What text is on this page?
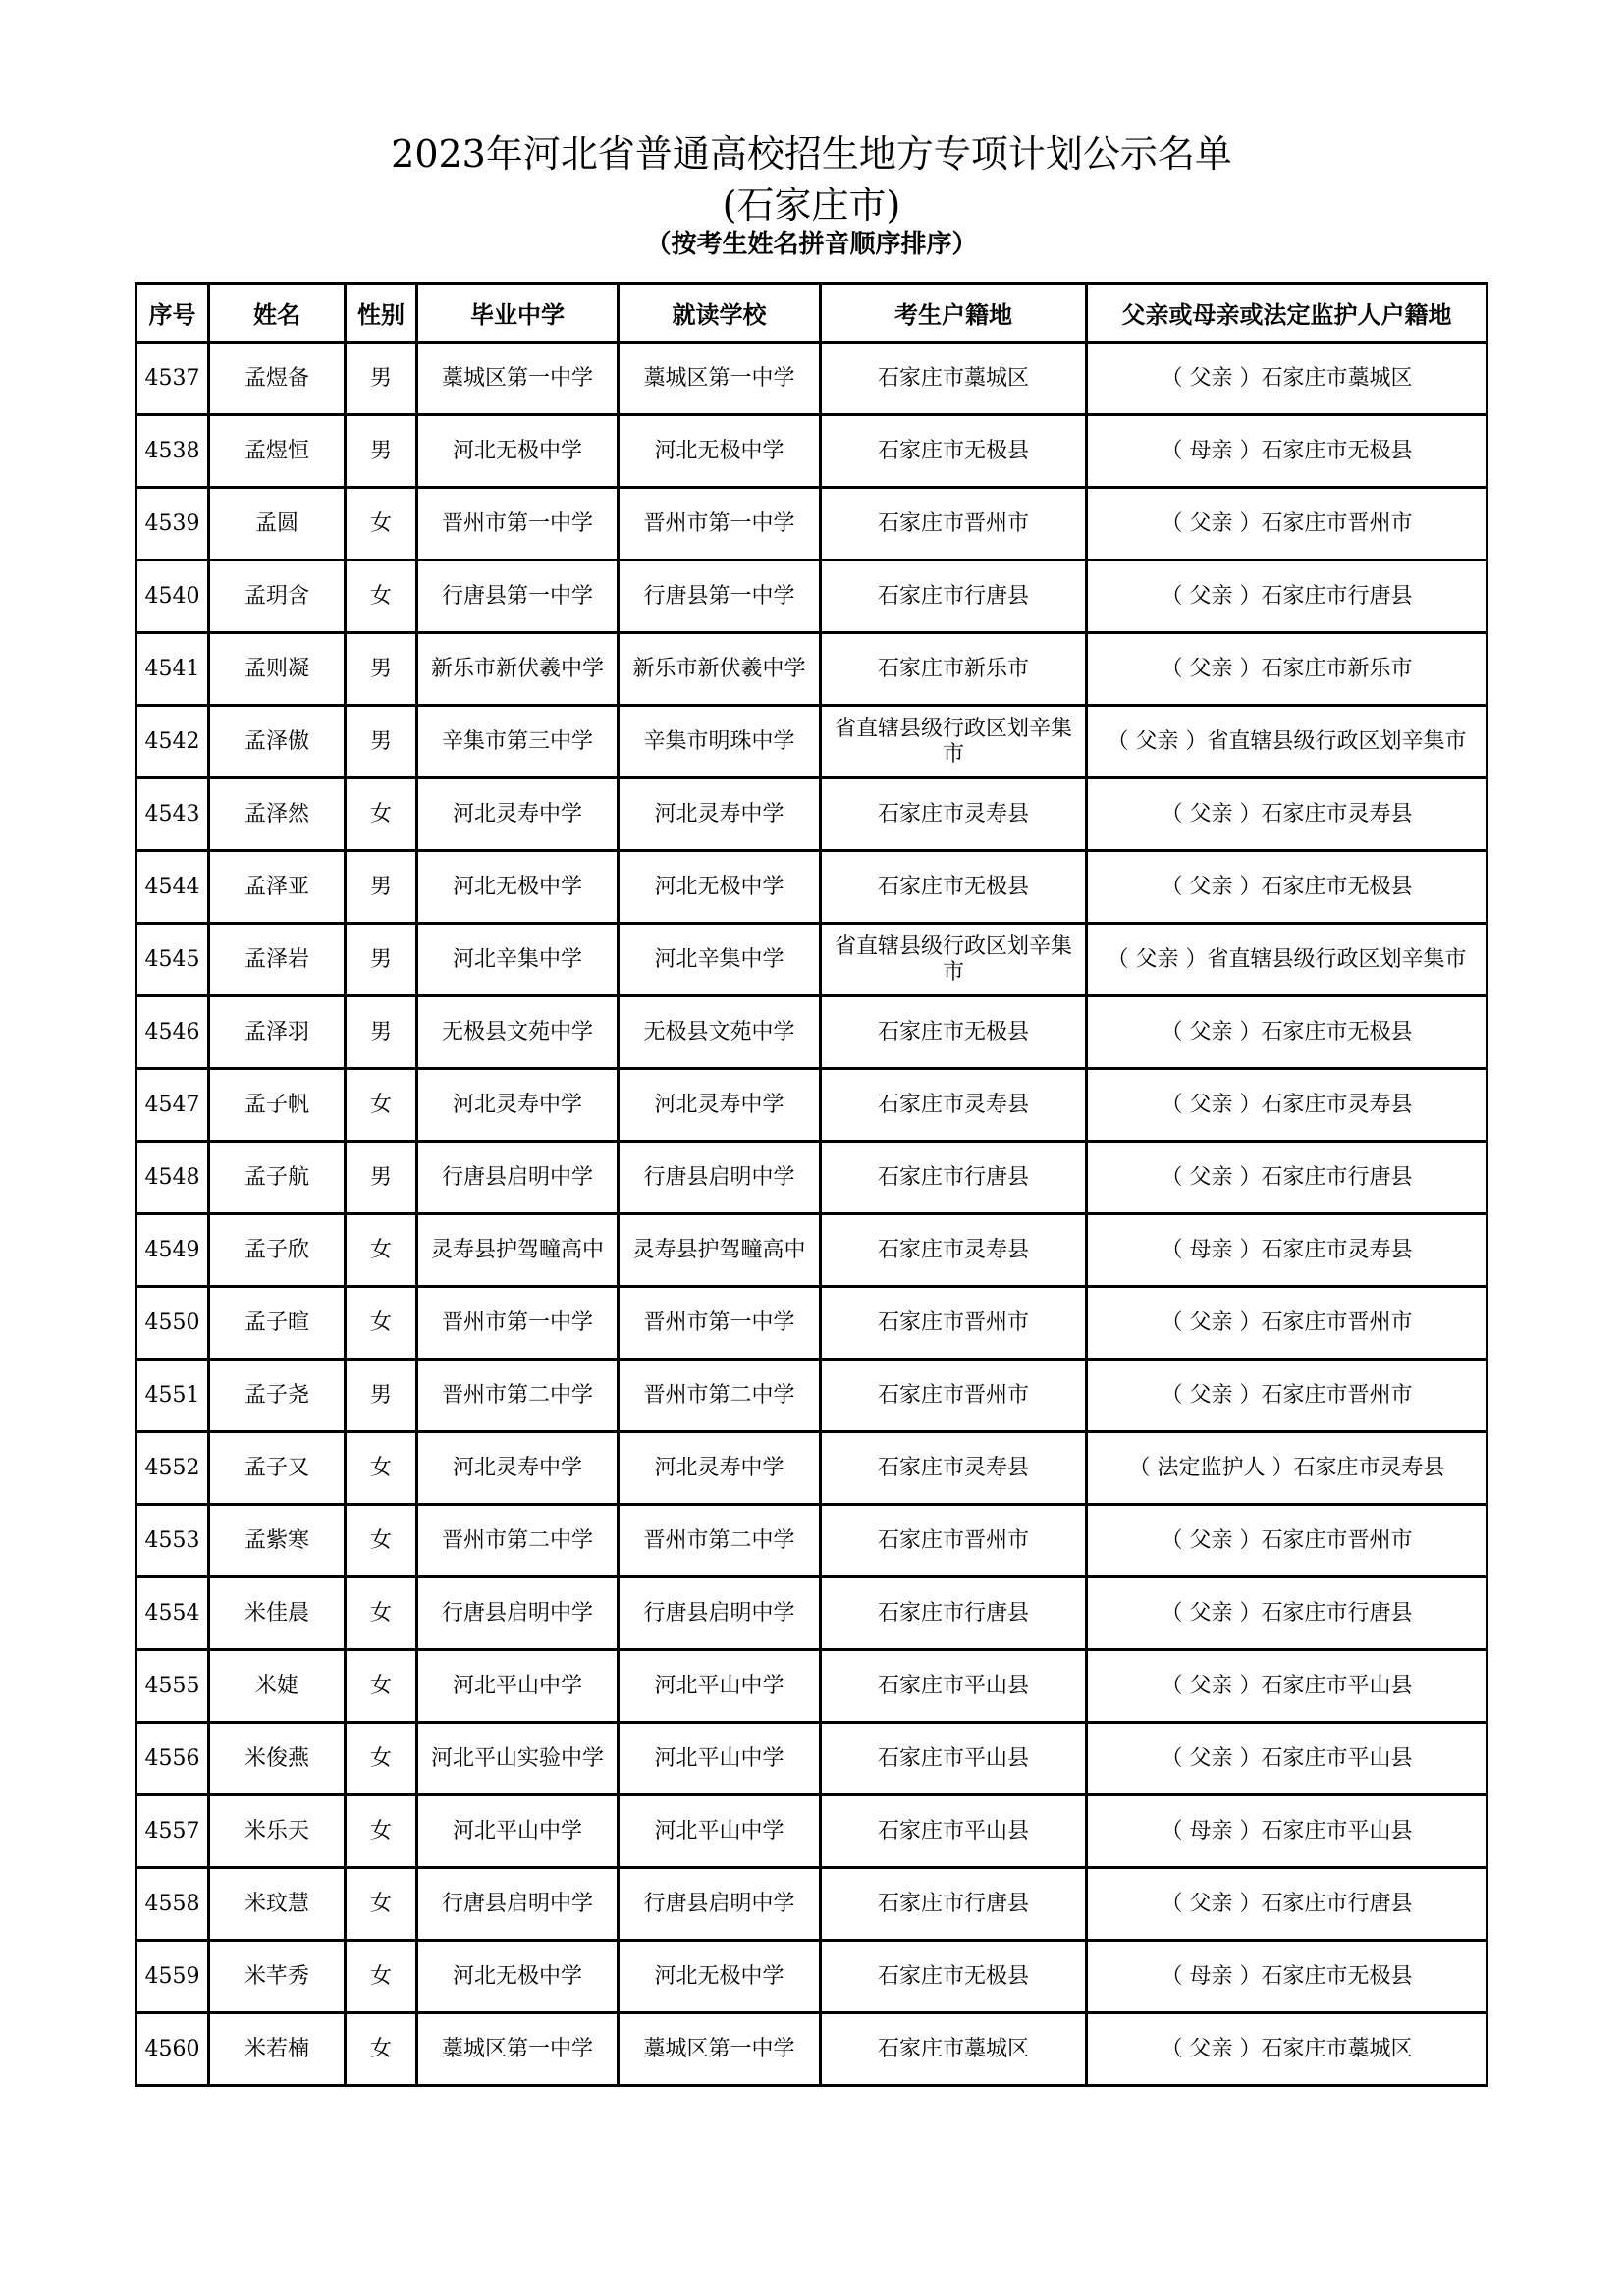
2023年河北省普通高校招生地方专项计划公示名单
(石家庄市)
（按考生姓名拼音顺序排序）
序号	姓名	性别	毕业中学	就读学校	考生户籍地	父亲或母亲或法定监护人户籍地
4537	孟煜备	男	藁城区第一中学	藁城区第一中学	石家庄市藁城区	（ 父亲 ）石家庄市藁城区
4538	孟煜恒	男	河北无极中学	河北无极中学	石家庄市无极县	（ 母亲 ）石家庄市无极县
4539	孟圆	女	晋州市第一中学	晋州市第一中学	石家庄市晋州市	（ 父亲 ）石家庄市晋州市
4540	孟玥含	女	行唐县第一中学	行唐县第一中学	石家庄市行唐县	（ 父亲 ）石家庄市行唐县
4541	孟则凝	男	新乐市新伏羲中学	新乐市新伏羲中学	石家庄市新乐市	（ 父亲 ）石家庄市新乐市
4542	孟泽傲	男	辛集市第三中学	辛集市明珠中学	省直辖县级行政区划辛集市	（ 父亲 ）省直辖县级行政区划辛集市
4543	孟泽然	女	河北灵寿中学	河北灵寿中学	石家庄市灵寿县	（ 父亲 ）石家庄市灵寿县
4544	孟泽亚	男	河北无极中学	河北无极中学	石家庄市无极县	（ 父亲 ）石家庄市无极县
4545	孟泽岩	男	河北辛集中学	河北辛集中学	省直辖县级行政区划辛集市	（ 父亲 ）省直辖县级行政区划辛集市
4546	孟泽羽	男	无极县文苑中学	无极县文苑中学	石家庄市无极县	（ 父亲 ）石家庄市无极县
4547	孟子帆	女	河北灵寿中学	河北灵寿中学	石家庄市灵寿县	（ 父亲 ）石家庄市灵寿县
4548	孟子航	男	行唐县启明中学	行唐县启明中学	石家庄市行唐县	（ 父亲 ）石家庄市行唐县
4549	孟子欣	女	灵寿县护驾疃高中	灵寿县护驾疃高中	石家庄市灵寿县	（ 母亲 ）石家庄市灵寿县
4550	孟子暄	女	晋州市第一中学	晋州市第一中学	石家庄市晋州市	（ 父亲 ）石家庄市晋州市
4551	孟子尧	男	晋州市第二中学	晋州市第二中学	石家庄市晋州市	（ 父亲 ）石家庄市晋州市
4552	孟子又	女	河北灵寿中学	河北灵寿中学	石家庄市灵寿县	（ 法定监护人 ）石家庄市灵寿县
4553	孟紫寒	女	晋州市第二中学	晋州市第二中学	石家庄市晋州市	（ 父亲 ）石家庄市晋州市
4554	米佳晨	女	行唐县启明中学	行唐县启明中学	石家庄市行唐县	（ 父亲 ）石家庄市行唐县
4555	米婕	女	河北平山中学	河北平山中学	石家庄市平山县	（ 父亲 ）石家庄市平山县
4556	米俊燕	女	河北平山实验中学	河北平山中学	石家庄市平山县	（ 父亲 ）石家庄市平山县
4557	米乐天	女	河北平山中学	河北平山中学	石家庄市平山县	（ 母亲 ）石家庄市平山县
4558	米玟慧	女	行唐县启明中学	行唐县启明中学	石家庄市行唐县	（ 父亲 ）石家庄市行唐县
4559	米芊秀	女	河北无极中学	河北无极中学	石家庄市无极县	（ 母亲 ）石家庄市无极县
4560	米若楠	女	藁城区第一中学	藁城区第一中学	石家庄市藁城区	（ 父亲 ）石家庄市藁城区
